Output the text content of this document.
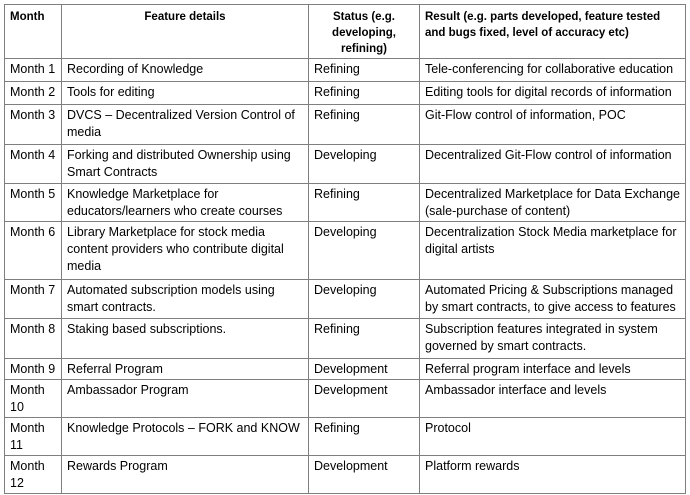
Month	Feature details	Status (e.g. developing, refining)	Result (e.g. parts developed, feature tested and bugs fixed, level of accuracy etc)
Month 1	Recording of Knowledge	Refining	Tele-conferencing for collaborative education
Month 2	Tools for editing	Refining	Editing tools for digital records of information
Month 3	DVCS – Decentralized Version Control of media	Refining	Git-Flow control of information, POC
Month 4	Forking and distributed Ownership using Smart Contracts	Developing	Decentralized Git-Flow control of information
Month 5	Knowledge Marketplace for educators/learners who create courses	Refining	Decentralized Marketplace for Data Exchange (sale-purchase of content)
Month 6	Library Marketplace for stock media content providers who contribute digital media	Developing	Decentralization Stock Media marketplace for digital artists
Month 7	Automated subscription models using smart contracts.	Developing	Automated Pricing & Subscriptions managed by smart contracts, to give access to features
Month 8	Staking based subscriptions.	Refining	Subscription features integrated in system governed by smart contracts.
Month 9	Referral Program	Development	Referral program interface and levels
Month 10	Ambassador Program	Development	Ambassador interface and levels
Month 11	Knowledge Protocols – FORK and KNOW	Refining	Protocol
Month 12	Rewards Program	Development	Platform rewards
